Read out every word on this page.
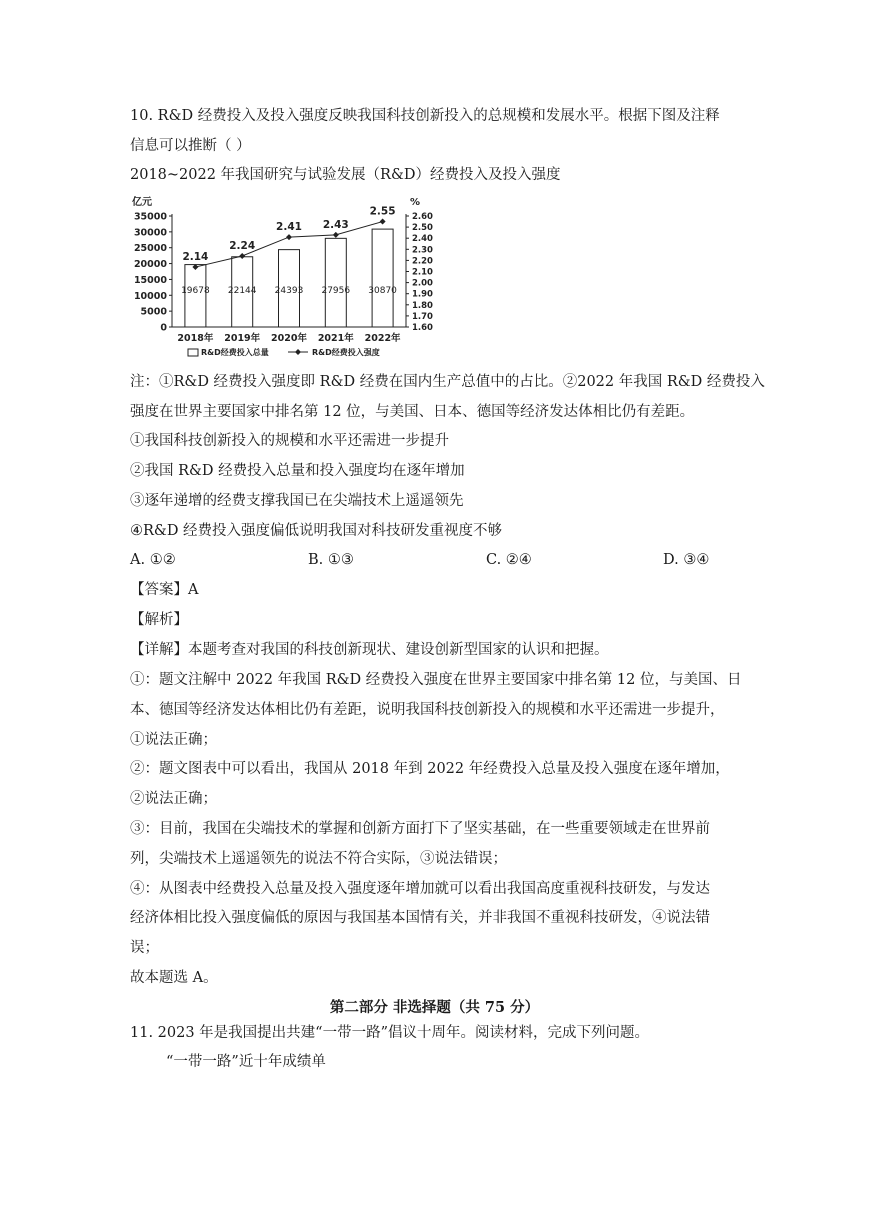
10. R&D 经费投入及投入强度反映我国科技创新投入的总规模和发展水平。根据下图及注释
信息可以推断（ ）
2018~2022 年我国研究与试验发展（R&D）经费投入及投入强度
亿元	%
35000
30000
25000
20000
15000
10000
5000
0
2.60
2.50
2.40
2.30
2.20
2.10
2.00
1.90
1.80
1.70
1.60
19678
2018年
22144
2019年
24393
2020年
27956
2021年
30870
2022年
2.14
2.24
2.41 2.43
2.55
R&D经费投入总量	R&D经费投入强度
注：①R&D 经费投入强度即 R&D 经费在国内生产总值中的占比。②2022 年我国 R&D 经费投入
强度在世界主要国家中排名第 12 位，与美国、日本、德国等经济发达体相比仍有差距。
①我国科技创新投入的规模和水平还需进一步提升
②我国 R&D 经费投入总量和投入强度均在逐年增加
③逐年递增的经费支撑我国已在尖端技术上遥遥领先
④R&D 经费投入强度偏低说明我国对科技研发重视度不够
A. ①②	B. ①③	C. ②④	D. ③④
【答案】A
【解析】
【详解】本题考查对我国的科技创新现状、建设创新型国家的认识和把握。
①：题文注解中 2022 年我国 R&D 经费投入强度在世界主要国家中排名第 12 位，与美国、日
本、德国等经济发达体相比仍有差距，说明我国科技创新投入的规模和水平还需进一步提升，
①说法正确；
②：题文图表中可以看出，我国从 2018 年到 2022 年经费投入总量及投入强度在逐年增加，
②说法正确；
③：目前，我国在尖端技术的掌握和创新方面打下了坚实基础，在一些重要领域走在世界前
列，尖端技术上遥遥领先的说法不符合实际，③说法错误；
④：从图表中经费投入总量及投入强度逐年增加就可以看出我国高度重视科技研发，与发达
经济体相比投入强度偏低的原因与我国基本国情有关，并非我国不重视科技研发，④说法错
误；
故本题选 A。
第二部分 非选择题（共 75 分）
11. 2023 年是我国提出共建“一带一路”倡议十周年。阅读材料，完成下列问题。
“一带一路”近十年成绩单
